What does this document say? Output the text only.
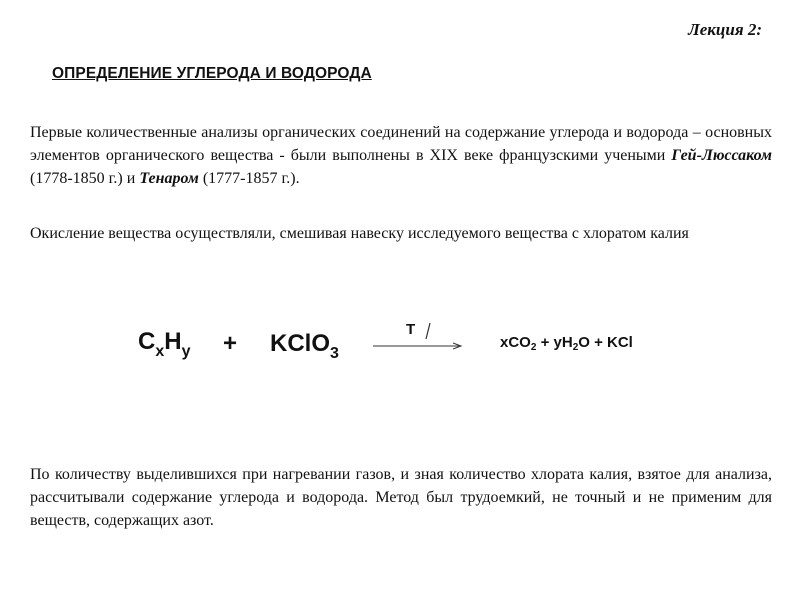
Лекция 2:
ОПРЕДЕЛЕНИЕ УГЛЕРОДА И ВОДОРОДА

Первые количественные анализы органических соединений на содержание углерода и водорода – основных элементов органического вещества - были выполнены в XIX веке французскими учеными Гей-Люссаком (1778-1850 г.) и Тенаром (1777-1857 г.).

Окисление вещества осуществляли, смешивая навеску исследуемого вещества с хлоратом калия

$C_xH_y$ + KClO$_3$
T
$xCO_2 + yH_2O$ + KCl

По количеству выделившихся при нагревании газов, и зная количество хлората калия, взятое для анализа, рассчитывали содержание углерода и водорода. Метод был трудоемкий, не точный и не применим для веществ, содержащих азот.
